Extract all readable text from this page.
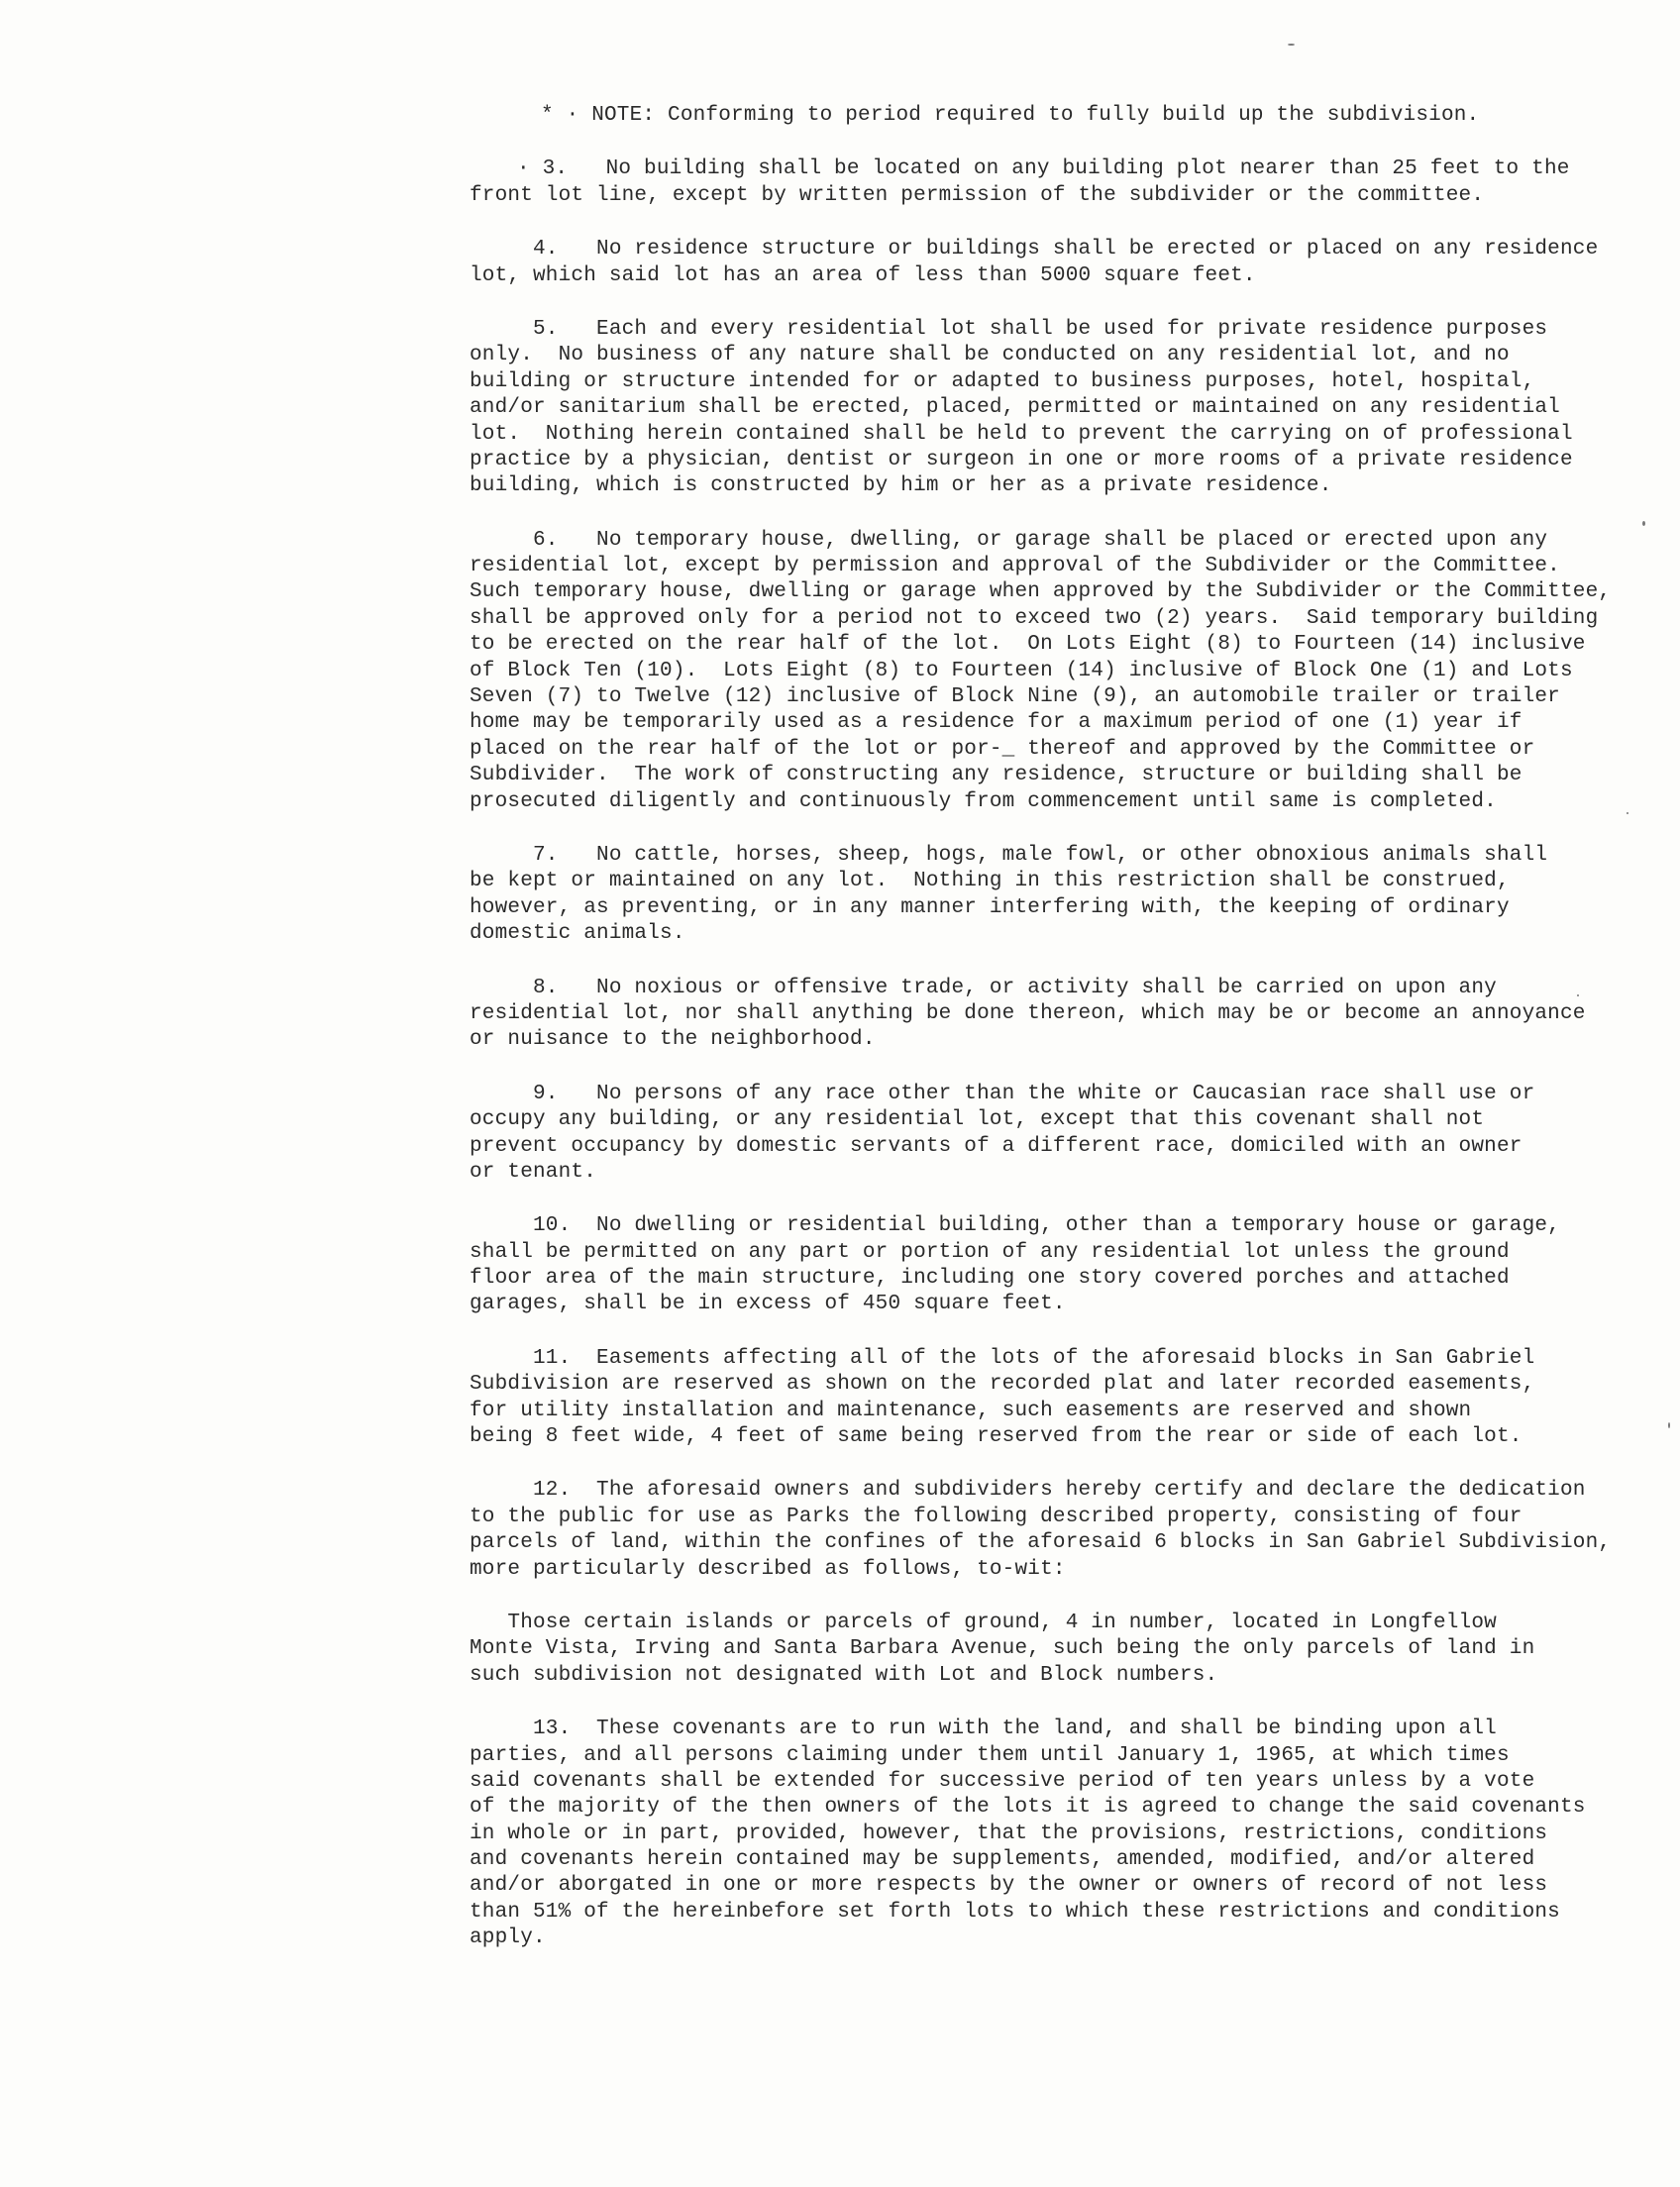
* · NOTE: Conforming to period required to fully build up the subdivision.
· 3.   No building shall be located on any building plot nearer than 25 feet to the
front lot line, except by written permission of the subdivider or the committee.
4.   No residence structure or buildings shall be erected or placed on any residence
lot, which said lot has an area of less than 5000 square feet.
5.   Each and every residential lot shall be used for private residence purposes
only.  No business of any nature shall be conducted on any residential lot, and no
building or structure intended for or adapted to business purposes, hotel, hospital,
and/or sanitarium shall be erected, placed, permitted or maintained on any residential
lot.  Nothing herein contained shall be held to prevent the carrying on of professional
practice by a physician, dentist or surgeon in one or more rooms of a private residence
building, which is constructed by him or her as a private residence.
6.   No temporary house, dwelling, or garage shall be placed or erected upon any
residential lot, except by permission and approval of the Subdivider or the Committee.
Such temporary house, dwelling or garage when approved by the Subdivider or the Committee,
shall be approved only for a period not to exceed two (2) years.  Said temporary building
to be erected on the rear half of the lot.  On Lots Eight (8) to Fourteen (14) inclusive
of Block Ten (10).  Lots Eight (8) to Fourteen (14) inclusive of Block One (1) and Lots
Seven (7) to Twelve (12) inclusive of Block Nine (9), an automobile trailer or trailer
home may be temporarily used as a residence for a maximum period of one (1) year if
placed on the rear half of the lot or por-_ thereof and approved by the Committee or
Subdivider.  The work of constructing any residence, structure or building shall be
prosecuted diligently and continuously from commencement until same is completed.
7.   No cattle, horses, sheep, hogs, male fowl, or other obnoxious animals shall
be kept or maintained on any lot.  Nothing in this restriction shall be construed,
however, as preventing, or in any manner interfering with, the keeping of ordinary
domestic animals.
8.   No noxious or offensive trade, or activity shall be carried on upon any
residential lot, nor shall anything be done thereon, which may be or become an annoyance
or nuisance to the neighborhood.
9.   No persons of any race other than the white or Caucasian race shall use or
occupy any building, or any residential lot, except that this covenant shall not
prevent occupancy by domestic servants of a different race, domiciled with an owner
or tenant.
10.  No dwelling or residential building, other than a temporary house or garage,
shall be permitted on any part or portion of any residential lot unless the ground
floor area of the main structure, including one story covered porches and attached
garages, shall be in excess of 450 square feet.
11.  Easements affecting all of the lots of the aforesaid blocks in San Gabriel
Subdivision are reserved as shown on the recorded plat and later recorded easements,
for utility installation and maintenance, such easements are reserved and shown
being 8 feet wide, 4 feet of same being reserved from the rear or side of each lot.
12.  The aforesaid owners and subdividers hereby certify and declare the dedication
to the public for use as Parks the following described property, consisting of four
parcels of land, within the confines of the aforesaid 6 blocks in San Gabriel Subdivision,
more particularly described as follows, to-wit:
Those certain islands or parcels of ground, 4 in number, located in Longfellow
Monte Vista, Irving and Santa Barbara Avenue, such being the only parcels of land in
such subdivision not designated with Lot and Block numbers.
13.  These covenants are to run with the land, and shall be binding upon all
parties, and all persons claiming under them until January 1, 1965, at which times
said covenants shall be extended for successive period of ten years unless by a vote
of the majority of the then owners of the lots it is agreed to change the said covenants
in whole or in part, provided, however, that the provisions, restrictions, conditions
and covenants herein contained may be supplements, amended, modified, and/or altered
and/or aborgated in one or more respects by the owner or owners of record of not less
than 51% of the hereinbefore set forth lots to which these restrictions and conditions
apply.
